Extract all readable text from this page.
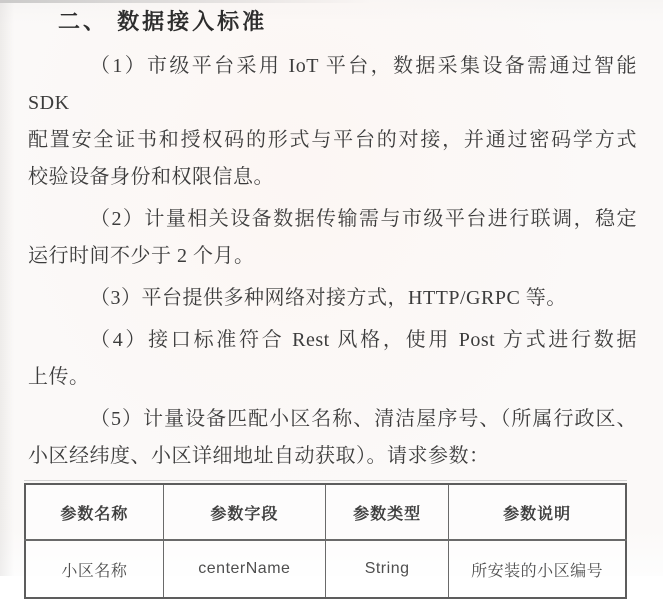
二、 数据接入标准
（1）市级平台采用 IoT 平台，数据采集设备需通过智能 SDK
配置安全证书和授权码的形式与平台的对接，并通过密码学方式
校验设备身份和权限信息。
（2）计量相关设备数据传输需与市级平台进行联调，稳定
运行时间不少于 2 个月。
（3）平台提供多种网络对接方式，HTTP/GRPC 等。
（4）接口标准符合 Rest 风格，使用 Post 方式进行数据
上传。
（5）计量设备匹配小区名称、清洁屋序号、（所属行政区、
小区经纬度、小区详细地址自动获取）。请求参数：
参数名称	参数字段	参数类型	参数说明
小区名称	centerName	String	所安装的小区编号
